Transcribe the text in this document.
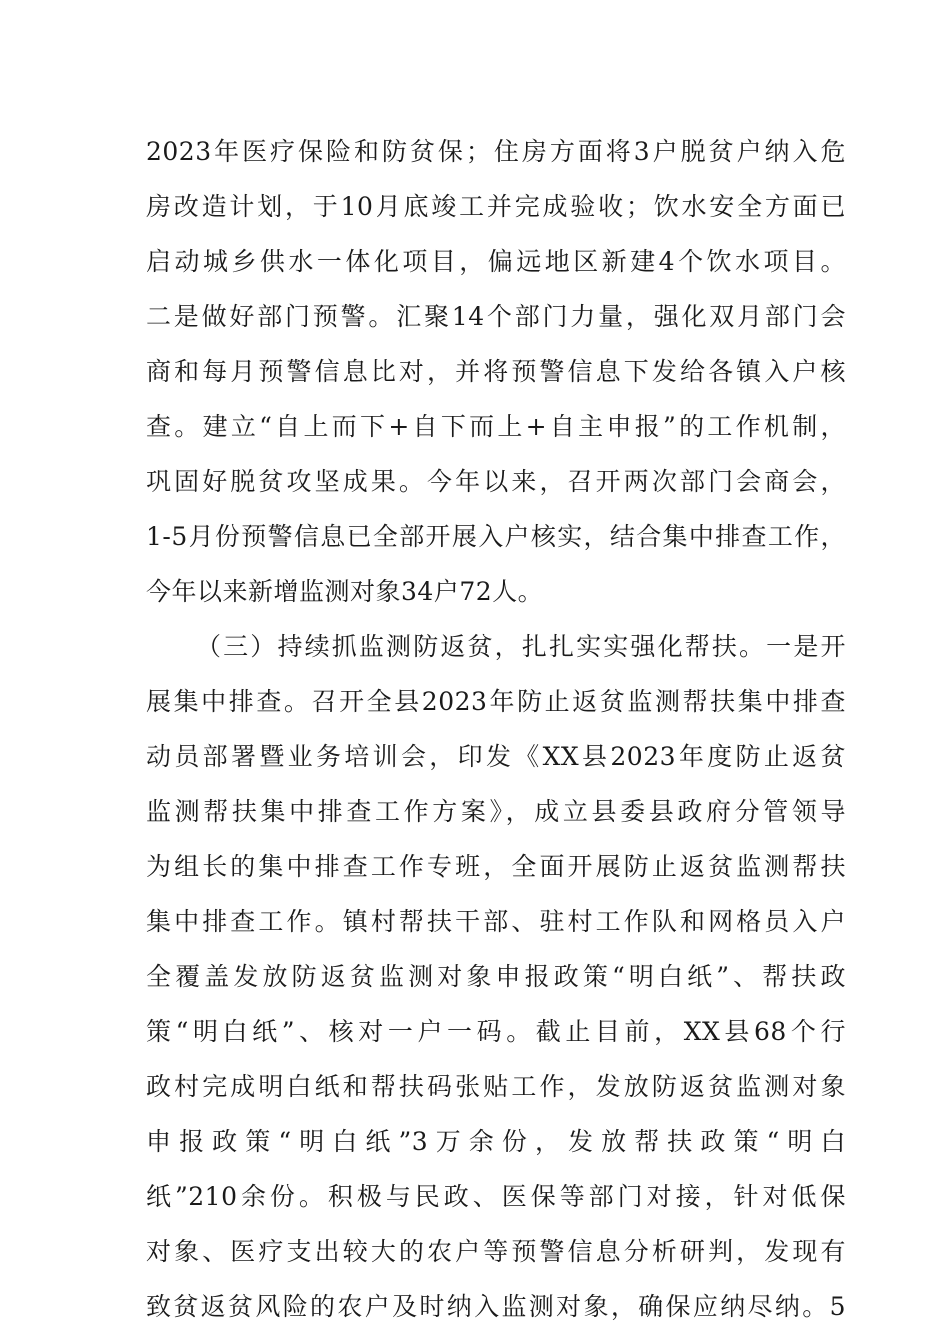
2023年医疗保险和防贫保；住房方面将3户脱贫户纳入危
房改造计划，于10月底竣工并完成验收；饮水安全方面已
启动城乡供水一体化项目，偏远地区新建4个饮水项目。
二是做好部门预警。汇聚14个部门力量，强化双月部门会
商和每月预警信息比对，并将预警信息下发给各镇入户核
查。建立“自上而下+自下而上+自主申报”的工作机制，
巩固好脱贫攻坚成果。今年以来，召开两次部门会商会，
1-5月份预警信息已全部开展入户核实，结合集中排查工作，
今年以来新增监测对象34户72人。
（三）持续抓监测防返贫，扎扎实实强化帮扶。一是开
展集中排查。召开全县2023年防止返贫监测帮扶集中排查
动员部署暨业务培训会，印发《XX县2023年度防止返贫
监测帮扶集中排查工作方案》，成立县委县政府分管领导
为组长的集中排查工作专班，全面开展防止返贫监测帮扶
集中排查工作。镇村帮扶干部、驻村工作队和网格员入户
全覆盖发放防返贫监测对象申报政策“明白纸”、帮扶政
策“明白纸”、核对一户一码。截止目前，XX县68个行
政村完成明白纸和帮扶码张贴工作，发放防返贫监测对象
申报政策“明白纸”3万余份，发放帮扶政策“明白
纸”210余份。积极与民政、医保等部门对接，针对低保
对象、医疗支出较大的农户等预警信息分析研判，发现有
致贫返贫风险的农户及时纳入监测对象，确保应纳尽纳。5
